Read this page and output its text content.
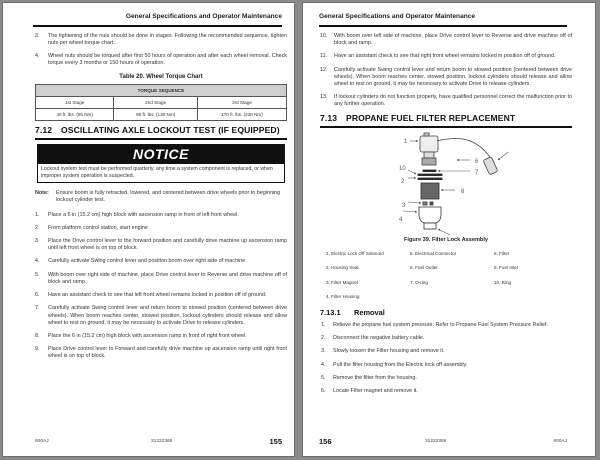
General Specifications and Operator Maintenance
3.	The tightening of the nuts should be done in stages. Following the recommended sequence, tighten nuts per wheel torque chart.
4.	Wheel nuts should be torqued after first 50 hours of operation and after each wheel removal. Check torque every 3 months or 150 hours of operation.
Table 20. Wheel Torque Chart
TORQUE SEQUENCE		
1st Stage	2nd Stage	3rd Stage
40 ft. lbs. (55 Nm)	95 ft. lbs. (130 Nm)	170 ft. lbs. (230 Nm)
7.12 OSCILLATING AXLE LOCKOUT TEST (IF EQUIPPED)
NOTICE
Lockout system test must be performed quarterly, any time a system component is replaced, or when improper system operation is suspected.
Note:	Ensure boom is fully retracted, lowered, and centered between drive wheels prior to beginning lockout cylinder test.
1.	Place a 6 in (15.2 cm) high block with ascension ramp in front of left front wheel.
2.	From platform control station, start engine
3.	Place the Drive control lever to the forward position and carefully drive machine up ascension ramp until left front wheel is on top of block.
4.	Carefully activate Swing control lever and position boom over right side of machine.
5.	With boom over right side of machine, place Drive control lever to Reverse and drive machine off of block and ramp.
6.	Have an assistant check to see that left front wheel remains locked in position off of ground.
7.	Carefully activate Swing control lever and return boom to stowed position (centered between drive wheels). When boom reaches center, stowed position, lockout cylinders should release and allow wheel to rest on ground, it may be necessary to activate Drive to release cylinders.
8.	Place the 6 in (15.2 cm) high block with ascension ramp in front of right front wheel.
9.	Place Drive control lever to Forward and carefully drive machine up ascension ramp until right front wheel is on top of block.
600AJ	31222369	155
General Specifications and Operator Maintenance
10.	With boom over left side of machine, place Drive control lever to Reverse and drive machine off of block and ramp.
11.	Have an assistant check to see that right front wheel remains locked in position off of ground.
12.	Carefully activate Swing control lever and return boom to stowed position (centered between drive wheels). When boom reaches center, stowed position, lockout cylinders should release and allow wheel to rest on ground, it may be necessary to activate Drive to release cylinders.
13.	If lockout cylinders do not function properly, have qualified personnel correct the malfunction prior to any further operation.
7.13 PROPANE FUEL FILTER REPLACEMENT
1
6
10
7
2
8
3
4
Figure 39. Filter Lock Assembly
1. Electric Lock Off Solenoid	5. Electrical Connector	8. Filter
2. Housing Seal	6. Fuel Outlet	9. Fuel Inlet
3. Filter Magnet	7. O-ring	10. Ring
4. Filter Housing
7.13.1 Removal
1.	Relieve the propane fuel system pressure. Refer to Propane Fuel System Pressure Relief.
2.	Disconnect the negative battery cable.
3.	Slowly loosen the Filter housing and remove it.
4.	Pull the filter housing from the Electric lock off assembly.
5.	Remove the filter from the housing.
6.	Locate Filter magnet and remove it.
156	31222369	600AJ
